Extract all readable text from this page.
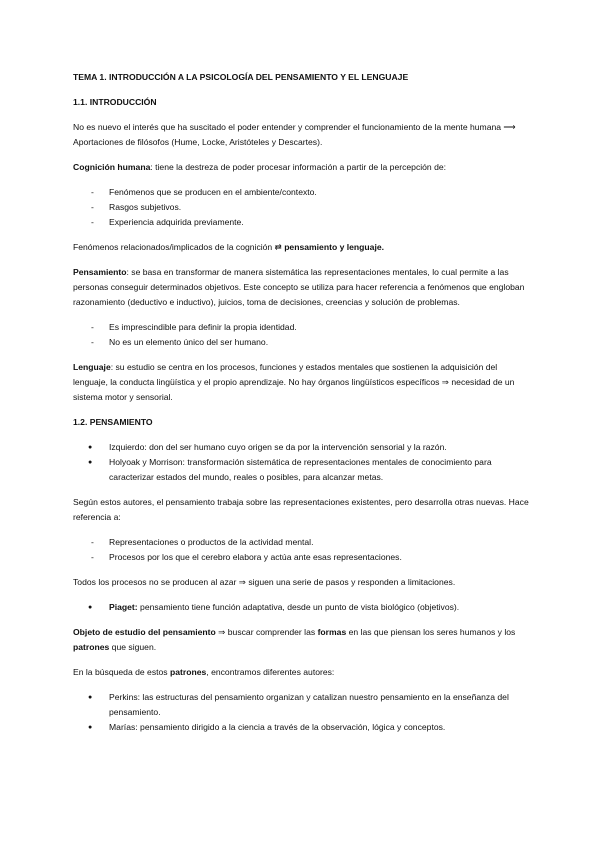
TEMA 1. INTRODUCCIÓN A LA PSICOLOGÍA DEL PENSAMIENTO Y EL LENGUAJE
1.1. INTRODUCCIÓN

No es nuevo el interés que ha suscitado el poder entender y comprender el funcionamiento de la mente humana ⟶ Aportaciones de filósofos (Hume, Locke, Aristóteles y Descartes).

Cognición humana: tiene la destreza de poder procesar información a partir de la percepción de:

- Fenómenos que se producen en el ambiente/contexto.
- Rasgos subjetivos.
- Experiencia adquirida previamente.

Fenómenos relacionados/implicados de la cognición ⇄ pensamiento y lenguaje.

Pensamiento: se basa en transformar de manera sistemática las representaciones mentales, lo cual permite a las personas conseguir determinados objetivos. Este concepto se utiliza para hacer referencia a fenómenos que engloban razonamiento (deductivo e inductivo), juicios, toma de decisiones, creencias y solución de problemas.

- Es imprescindible para definir la propia identidad.
- No es un elemento único del ser humano.

Lenguaje: su estudio se centra en los procesos, funciones y estados mentales que sostienen la adquisición del lenguaje, la conducta lingüística y el propio aprendizaje. No hay órganos lingüísticos específicos ⇒ necesidad de un sistema motor y sensorial.

1.2. PENSAMIENTO
● Izquierdo: don del ser humano cuyo origen se da por la intervención sensorial y la razón.
● Holyoak y Morrison: transformación sistemática de representaciones mentales de conocimiento para caracterizar estados del mundo, reales o posibles, para alcanzar metas.

Según estos autores, el pensamiento trabaja sobre las representaciones existentes, pero desarrolla otras nuevas. Hace referencia a:

- Representaciones o productos de la actividad mental.
- Procesos por los que el cerebro elabora y actúa ante esas representaciones.

Todos los procesos no se producen al azar ⇒ siguen una serie de pasos y responden a limitaciones.

● Piaget: pensamiento tiene función adaptativa, desde un punto de vista biológico (objetivos).

Objeto de estudio del pensamiento ⇒ buscar comprender las formas en las que piensan los seres humanos y los patrones que siguen.

En la búsqueda de estos patrones, encontramos diferentes autores:

● Perkins: las estructuras del pensamiento organizan y catalizan nuestro pensamiento en la enseñanza del pensamiento.
● Marías: pensamiento dirigido a la ciencia a través de la observación, lógica y conceptos.
